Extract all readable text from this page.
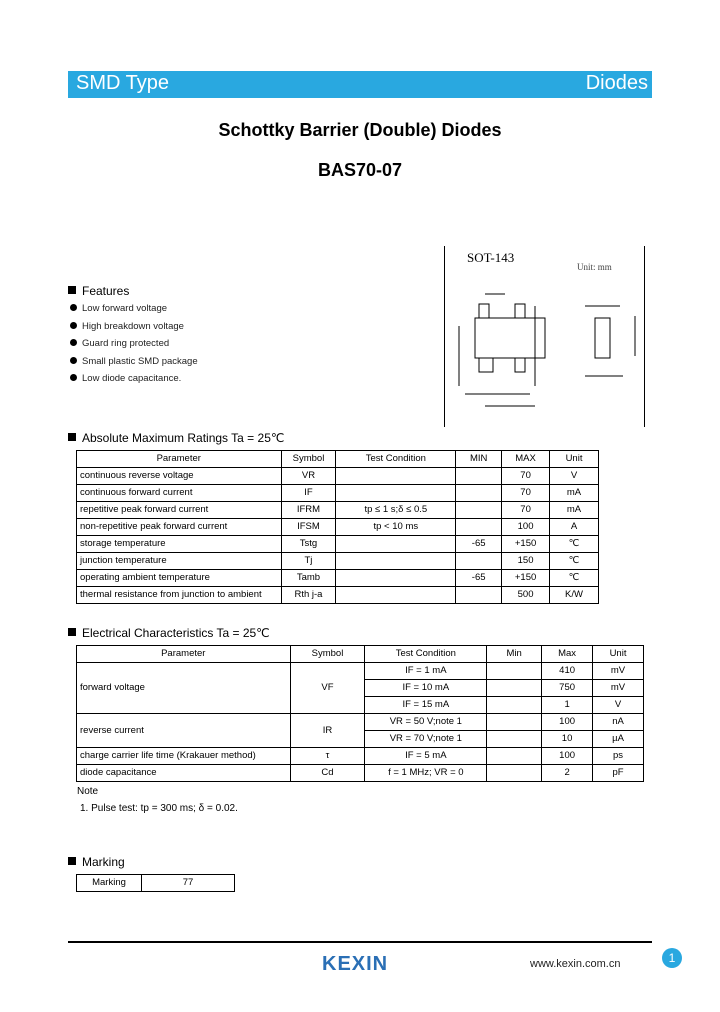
SMD Type	Diodes
Schottky Barrier (Double) Diodes
BAS70-07
SOT-143
Unit: mm
Features
Low forward voltage
High breakdown voltage
Guard ring protected
Small plastic SMD package
Low diode capacitance.
Absolute Maximum Ratings Ta = 25℃
Parameter	Symbol	Test Condition	MIN	MAX	Unit
continuous reverse voltage	VR			70	V
continuous forward current	IF			70	mA
repetitive peak forward current	IFRM	tp ≤ 1 s;δ ≤ 0.5		70	mA
non-repetitive peak forward current	IFSM	tp < 10 ms		100	A
storage temperature	Tstg		-65	+150	℃
junction temperature	Tj			150	℃
operating ambient temperature	Tamb		-65	+150	℃
thermal resistance from junction to ambient	Rth j-a			500	K/W
Electrical Characteristics Ta = 25℃
Parameter	Symbol	Test Condition	Min	Max	Unit
forward voltage	VF	IF = 1 mA		410	mV
		IF = 10 mA		750	mV
		IF = 15 mA		1	V
reverse current	IR	VR = 50 V;note 1		100	nA
		VR = 70 V;note 1		10	µA
charge carrier life time (Krakauer method)	τ	IF = 5 mA		100	ps
diode capacitance	Cd	f = 1 MHz; VR = 0		2	pF
Note
1. Pulse test: tp = 300 ms; δ = 0.02.
Marking
Marking	77
KEXIN	www.kexin.com.cn	1
